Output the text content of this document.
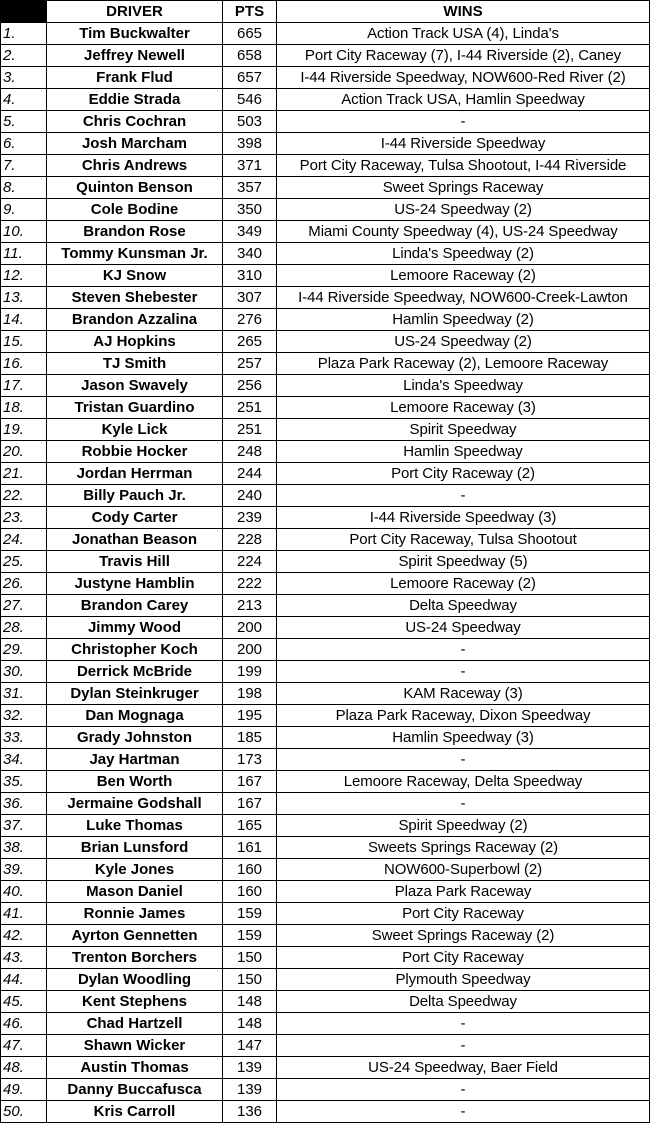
	DRIVER	PTS	WINS
1.	Tim Buckwalter	665	Action Track USA (4), Linda's
2.	Jeffrey Newell	658	Port City Raceway (7), I-44 Riverside (2), Caney
3.	Frank Flud	657	I-44 Riverside Speedway, NOW600-Red River (2)
4.	Eddie Strada	546	Action Track USA, Hamlin Speedway
5.	Chris Cochran	503	-
6.	Josh Marcham	398	I-44 Riverside Speedway
7.	Chris Andrews	371	Port City Raceway, Tulsa Shootout, I-44 Riverside
8.	Quinton Benson	357	Sweet Springs Raceway
9.	Cole Bodine	350	US-24 Speedway (2)
10.	Brandon Rose	349	Miami County Speedway (4), US-24 Speedway
11.	Tommy Kunsman Jr.	340	Linda's Speedway (2)
12.	KJ Snow	310	Lemoore Raceway (2)
13.	Steven Shebester	307	I-44 Riverside Speedway, NOW600-Creek-Lawton
14.	Brandon Azzalina	276	Hamlin Speedway (2)
15.	AJ Hopkins	265	US-24 Speedway (2)
16.	TJ Smith	257	Plaza Park Raceway (2), Lemoore Raceway
17.	Jason Swavely	256	Linda's Speedway
18.	Tristan Guardino	251	Lemoore Raceway (3)
19.	Kyle Lick	251	Spirit Speedway
20.	Robbie Hocker	248	Hamlin Speedway
21.	Jordan Herrman	244	Port City Raceway (2)
22.	Billy Pauch Jr.	240	-
23.	Cody Carter	239	I-44 Riverside Speedway (3)
24.	Jonathan Beason	228	Port City Raceway, Tulsa Shootout
25.	Travis Hill	224	Spirit Speedway (5)
26.	Justyne Hamblin	222	Lemoore Raceway (2)
27.	Brandon Carey	213	Delta Speedway
28.	Jimmy Wood	200	US-24 Speedway
29.	Christopher Koch	200	-
30.	Derrick McBride	199	-
31.	Dylan Steinkruger	198	KAM Raceway (3)
32.	Dan Mognaga	195	Plaza Park Raceway, Dixon Speedway
33.	Grady Johnston	185	Hamlin Speedway (3)
34.	Jay Hartman	173	-
35.	Ben Worth	167	Lemoore Raceway, Delta Speedway
36.	Jermaine Godshall	167	-
37.	Luke Thomas	165	Spirit Speedway (2)
38.	Brian Lunsford	161	Sweets Springs Raceway (2)
39.	Kyle Jones	160	NOW600-Superbowl (2)
40.	Mason Daniel	160	Plaza Park Raceway
41.	Ronnie James	159	Port City Raceway
42.	Ayrton Gennetten	159	Sweet Springs Raceway (2)
43.	Trenton Borchers	150	Port City Raceway
44.	Dylan Woodling	150	Plymouth Speedway
45.	Kent Stephens	148	Delta Speedway
46.	Chad Hartzell	148	-
47.	Shawn Wicker	147	-
48.	Austin Thomas	139	US-24 Speedway, Baer Field
49.	Danny Buccafusca	139	-
50.	Kris Carroll	136	-
